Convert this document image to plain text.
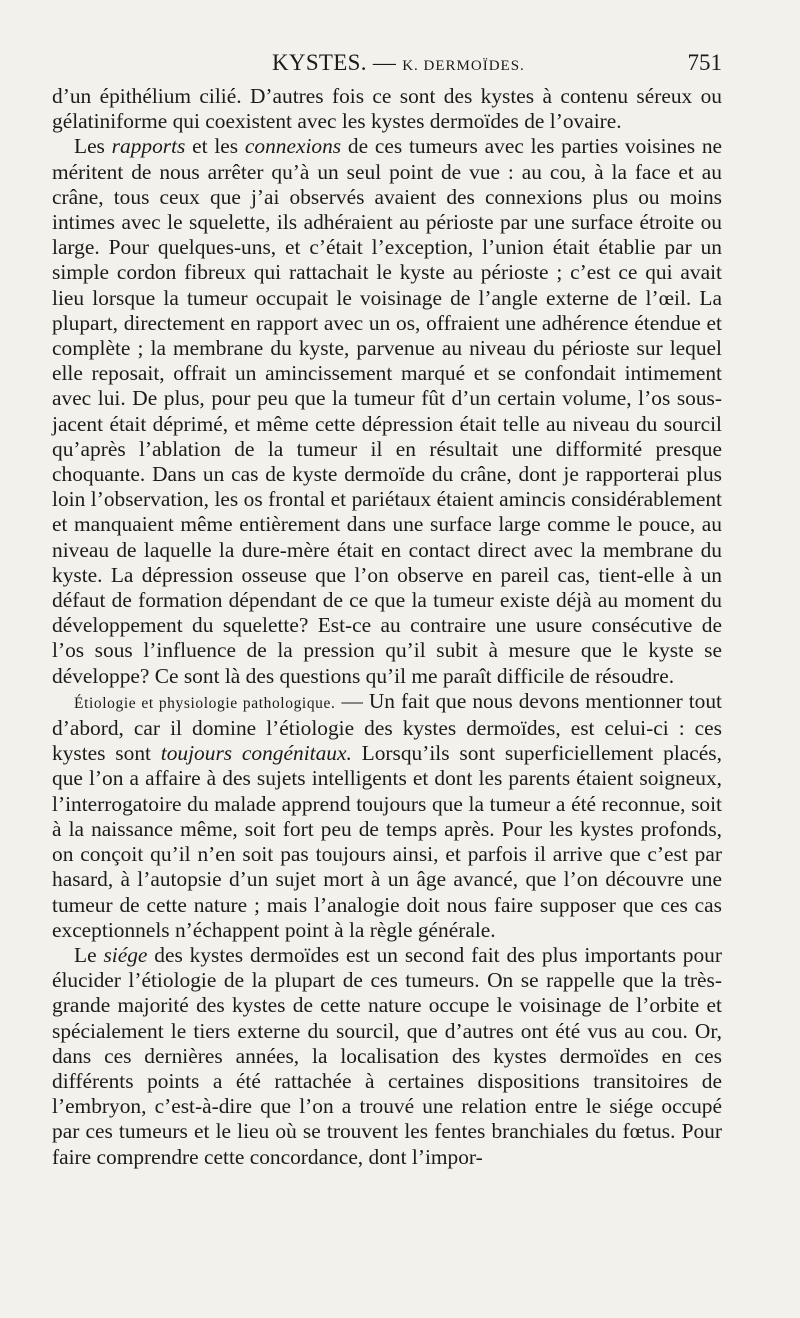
KYSTES. — K. DERMOÏDES.	751

d’un épithélium cilié. D’autres fois ce sont des kystes à contenu séreux ou gélatiniforme qui coexistent avec les kystes dermoïdes de l’ovaire.

Les rapports et les connexions de ces tumeurs avec les parties voisines ne méritent de nous arrêter qu’à un seul point de vue : au cou, à la face et au crâne, tous ceux que j’ai observés avaient des connexions plus ou moins intimes avec le squelette, ils adhéraient au périoste par une surface étroite ou large. Pour quelques-uns, et c’était l’exception, l’union était établie par un simple cordon fibreux qui rattachait le kyste au périoste ; c’est ce qui avait lieu lorsque la tumeur occupait le voisinage de l’angle externe de l’œil. La plupart, directement en rapport avec un os, offraient une adhérence étendue et complète ; la membrane du kyste, parvenue au niveau du périoste sur lequel elle reposait, offrait un amincissement marqué et se confondait intimement avec lui. De plus, pour peu que la tumeur fût d’un certain volume, l’os sous-jacent était déprimé, et même cette dépression était telle au niveau du sourcil qu’après l’ablation de la tumeur il en résultait une difformité presque choquante. Dans un cas de kyste dermoïde du crâne, dont je rapporterai plus loin l’observation, les os frontal et pariétaux étaient amincis considérablement et manquaient même entièrement dans une surface large comme le pouce, au niveau de laquelle la dure-mère était en contact direct avec la membrane du kyste. La dépression osseuse que l’on observe en pareil cas, tient-elle à un défaut de formation dépendant de ce que la tumeur existe déjà au moment du développement du squelette? Est-ce au contraire une usure consécutive de l’os sous l’influence de la pression qu’il subit à mesure que le kyste se développe? Ce sont là des questions qu’il me paraît difficile de résoudre.

Étiologie et physiologie pathologique. — Un fait que nous devons mentionner tout d’abord, car il domine l’étiologie des kystes dermoïdes, est celui-ci : ces kystes sont toujours congénitaux. Lorsqu’ils sont superficiellement placés, que l’on a affaire à des sujets intelligents et dont les parents étaient soigneux, l’interrogatoire du malade apprend toujours que la tumeur a été reconnue, soit à la naissance même, soit fort peu de temps après. Pour les kystes profonds, on conçoit qu’il n’en soit pas toujours ainsi, et parfois il arrive que c’est par hasard, à l’autopsie d’un sujet mort à un âge avancé, que l’on découvre une tumeur de cette nature ; mais l’analogie doit nous faire supposer que ces cas exceptionnels n’échappent point à la règle générale.

Le siége des kystes dermoïdes est un second fait des plus importants pour élucider l’étiologie de la plupart de ces tumeurs. On se rappelle que la très-grande majorité des kystes de cette nature occupe le voisinage de l’orbite et spécialement le tiers externe du sourcil, que d’autres ont été vus au cou. Or, dans ces dernières années, la localisation des kystes dermoïdes en ces différents points a été rattachée à certaines dispositions transitoires de l’embryon, c’est-à-dire que l’on a trouvé une relation entre le siége occupé par ces tumeurs et le lieu où se trouvent les fentes branchiales du fœtus. Pour faire comprendre cette concordance, dont l’impor-
